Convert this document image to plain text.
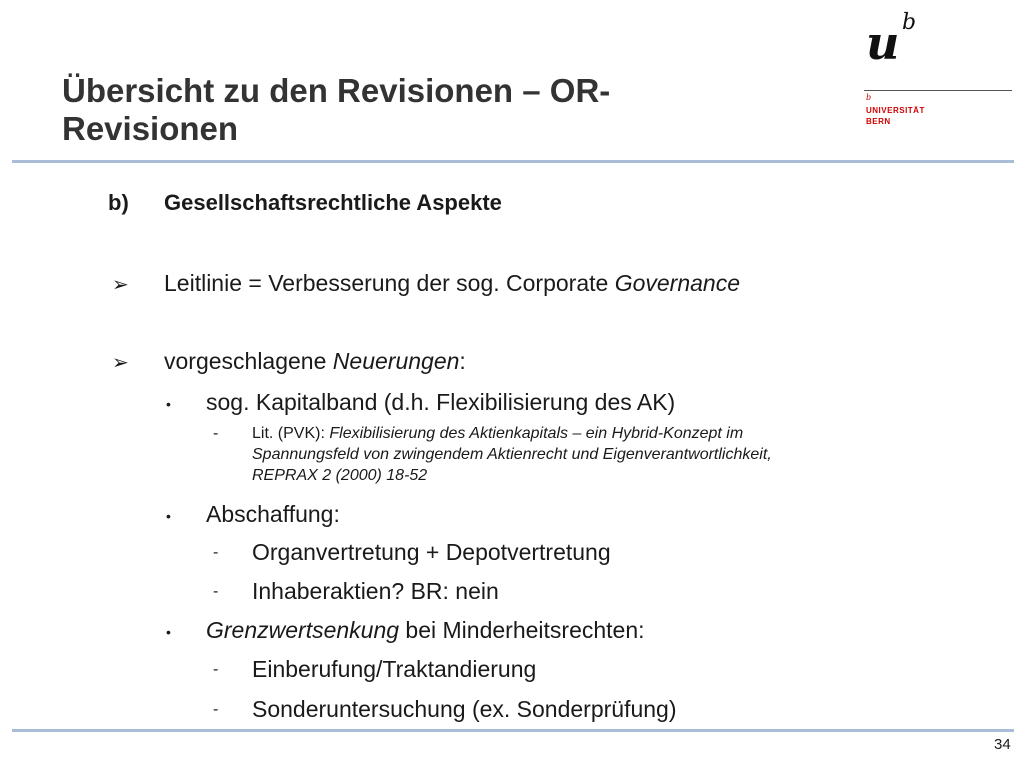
Übersicht zu den Revisionen – OR-
Revisionen
u b
b
UNIVERSITÄT
BERN
b) Gesellschaftsrechtliche Aspekte
➢ Leitlinie = Verbesserung der sog. Corporate Governance
➢ vorgeschlagene Neuerungen:
• sog. Kapitalband (d.h. Flexibilisierung des AK)
- Lit. (PVK): Flexibilisierung des Aktienkapitals – ein Hybrid-Konzept im
Spannungsfeld von zwingendem Aktienrecht und Eigenverantwortlichkeit,
REPRAX 2 (2000) 18-52
• Abschaffung:
- Organvertretung + Depotvertretung
- Inhaberaktien? BR: nein
• Grenzwertsenkung bei Minderheitsrechten:
- Einberufung/Traktandierung
- Sonderuntersuchung (ex. Sonderprüfung)
34
